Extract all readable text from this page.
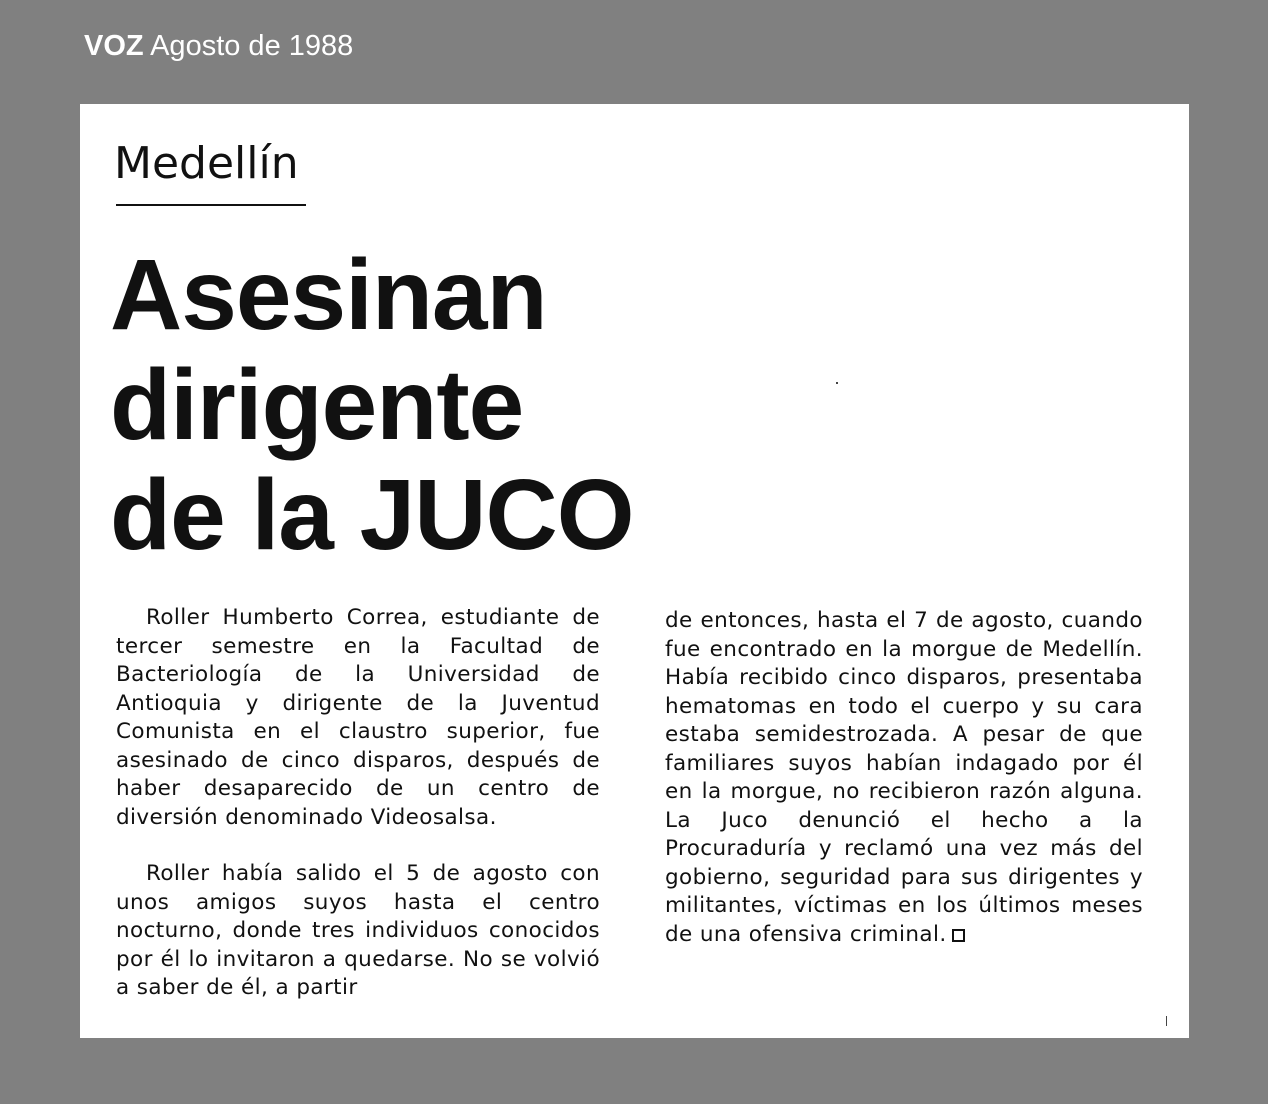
VOZ Agosto de 1988
Medellín
Asesinan
dirigente
de la JUCO

Roller Humberto Correa, estudiante de tercer semestre en la Facultad de Bacteriología de la Universidad de Antioquia y dirigente de la Juventud Comunista en el claustro superior, fue asesinado de cinco disparos, después de haber desaparecido de un centro de diversión denominado Videosalsa.

Roller había salido el 5 de agosto con unos amigos suyos hasta el centro nocturno, donde tres individuos conocidos por él lo invitaron a quedarse. No se volvió a saber de él, a partir

de entonces, hasta el 7 de agosto, cuando fue encontrado en la morgue de Medellín. Había recibido cinco disparos, presentaba hematomas en todo el cuerpo y su cara estaba semidestrozada. A pesar de que familiares suyos habían indagado por él en la morgue, no recibieron razón alguna. La Juco denunció el hecho a la Procuraduría y reclamó una vez más del gobierno, seguridad para sus dirigentes y militantes, víctimas en los últimos meses de una ofensiva criminal.
